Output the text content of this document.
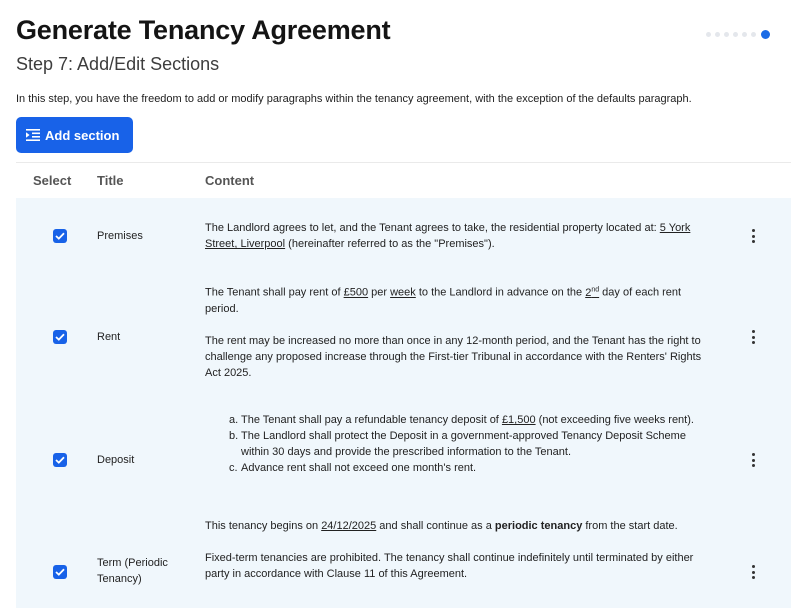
Generate Tenancy Agreement
Step 7: Add/Edit Sections
In this step, you have the freedom to add or modify paragraphs within the tenancy agreement, with the exception of the defaults paragraph.
Add section
Select Title	Content
Premises

The Landlord agrees to let, and the Tenant agrees to take, the residential property located at: 5 York Street, Liverpool (hereinafter referred to as the "Premises").

Rent

The Tenant shall pay rent of £500 per week to the Landlord in advance on the 2nd day of each rent period.

The rent may be increased no more than once in any 12-month period, and the Tenant has the right to challenge any proposed increase through the First-tier Tribunal in accordance with the Renters' Rights Act 2025.

Deposit
a. The Tenant shall pay a refundable tenancy deposit of £1,500 (not exceeding five weeks rent).
b. The Landlord shall protect the Deposit in a government-approved Tenancy Deposit Scheme within 30 days and provide the prescribed information to the Tenant.
c. Advance rent shall not exceed one month's rent.
Term (Periodic Tenancy)

This tenancy begins on 24/12/2025 and shall continue as a periodic tenancy from the start date.

Fixed-term tenancies are prohibited. The tenancy shall continue indefinitely until terminated by either party in accordance with Clause 11 of this Agreement.
